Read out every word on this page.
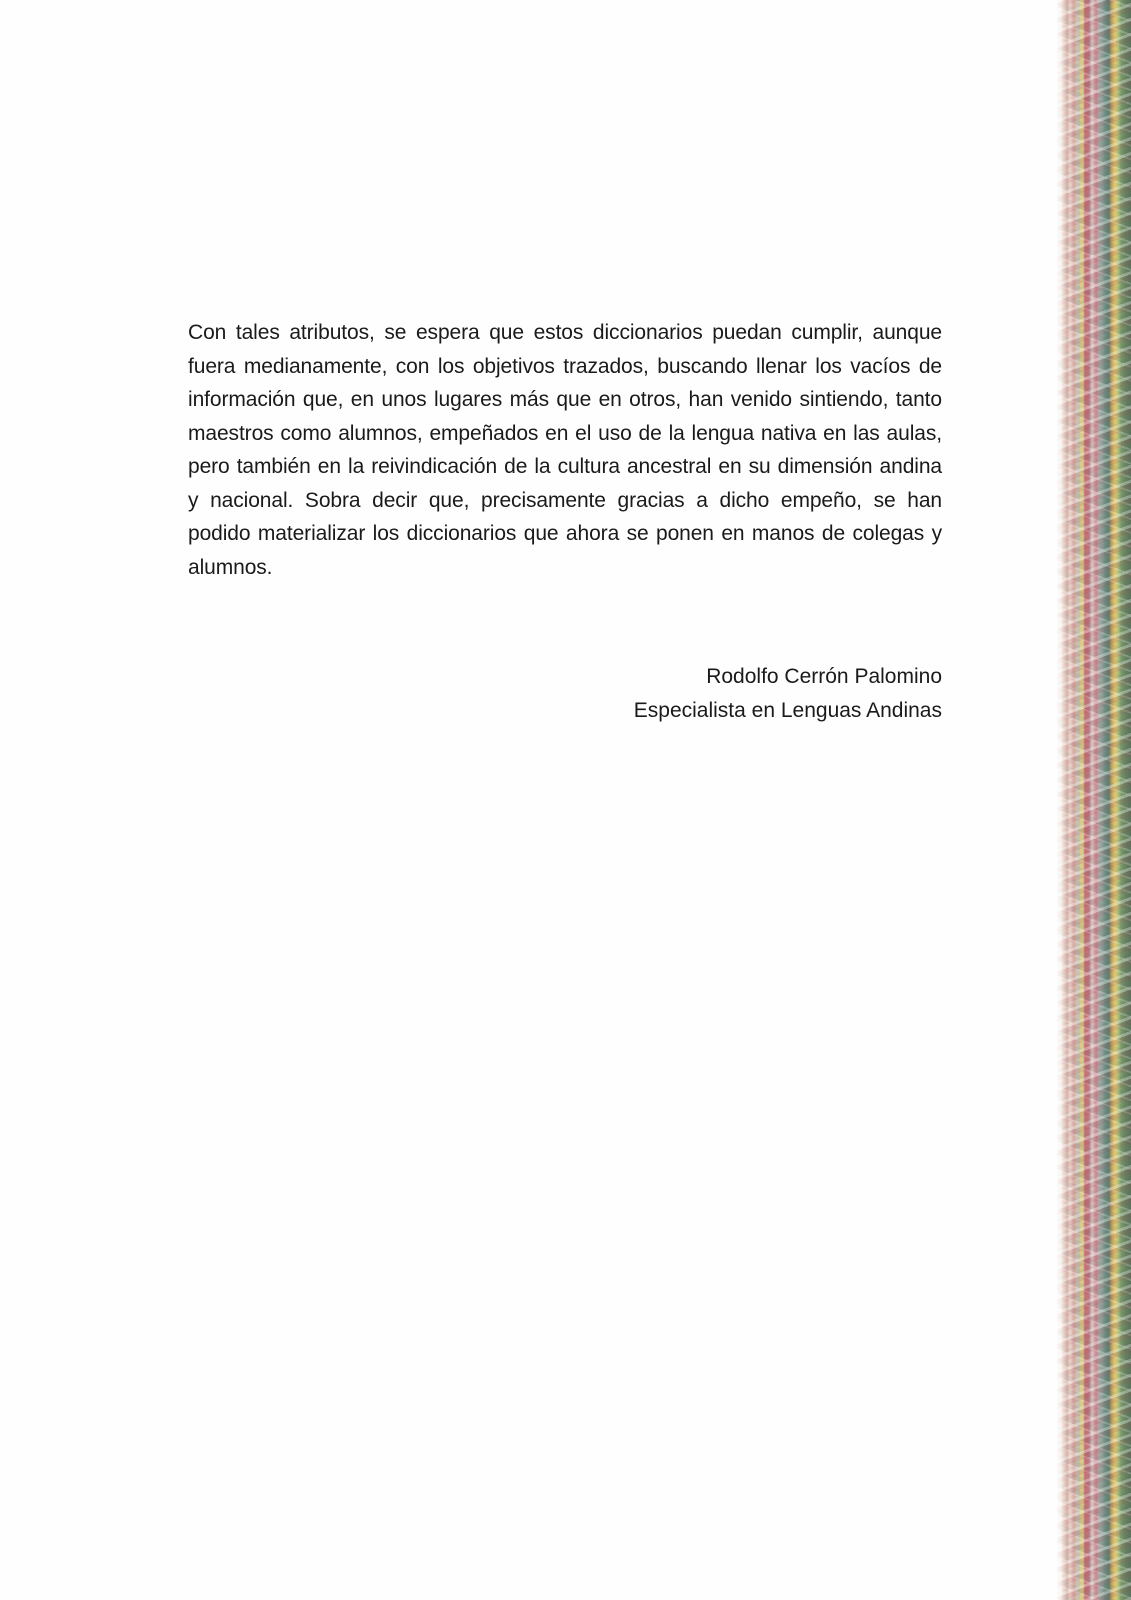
Con tales atributos, se espera que estos diccionarios puedan cumplir, aunque fuera medianamente, con los objetivos trazados, buscando llenar los vacíos de información que, en unos lugares más que en otros, han venido sintiendo, tanto maestros como alumnos, empeñados en el uso de la lengua nativa en las aulas, pero también en la reivindicación de la cultura ancestral en su dimensión andina y nacional. Sobra decir que, precisamente gracias a dicho empeño, se han podido materializar los diccionarios que ahora se ponen en manos de colegas y alumnos.

Rodolfo Cerrón Palomino
Especialista en Lenguas Andinas
